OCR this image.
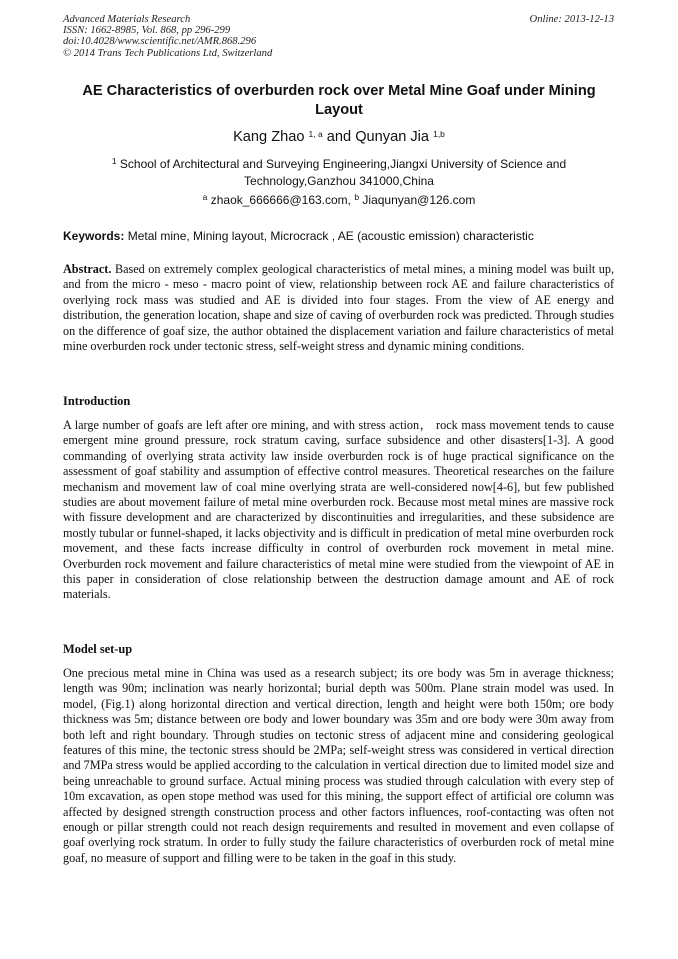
Advanced Materials Research
ISSN: 1662-8985, Vol. 868, pp 296-299
doi:10.4028/www.scientific.net/AMR.868.296
© 2014 Trans Tech Publications Ltd, Switzerland
Online: 2013-12-13
AE Characteristics of overburden rock over Metal Mine Goaf under Mining Layout
Kang Zhao $^{1, a}$ and Qunyan Jia $^{1,b}$
$^1$ School of Architectural and Surveying Engineering,Jiangxi University of Science and Technology,Ganzhou 341000,China
$^a$ zhaok_666666@163.com, $^b$ Jiaqunyan@126.com
Keywords: Metal mine, Mining layout, Microcrack , AE (acoustic emission) characteristic
Abstract. Based on extremely complex geological characteristics of metal mines, a mining model was built up, and from the micro - meso - macro point of view, relationship between rock AE and failure characteristics of overlying rock mass was studied and AE is divided into four stages. From the view of AE energy and distribution, the generation location, shape and size of caving of overburden rock was predicted. Through studies on the difference of goaf size, the author obtained the displacement variation and failure characteristics of metal mine overburden rock under tectonic stress, self-weight stress and dynamic mining conditions.
Introduction
A large number of goafs are left after ore mining, and with stress action， rock mass movement tends to cause emergent mine ground pressure, rock stratum caving, surface subsidence and other disasters[1-3]. A good commanding of overlying strata activity law inside overburden rock is of huge practical significance on the assessment of goaf stability and assumption of effective control measures. Theoretical researches on the failure mechanism and movement law of coal mine overlying strata are well-considered now[4-6], but few published studies are about movement failure of metal mine overburden rock. Because most metal mines are massive rock with fissure development and are characterized by discontinuities and irregularities, and these subsidence are mostly tubular or funnel-shaped, it lacks objectivity and is difficult in predication of metal mine overburden rock movement, and these facts increase difficulty in control of overburden rock movement in metal mine. Overburden rock movement and failure characteristics of metal mine were studied from the viewpoint of AE in this paper in consideration of close relationship between the destruction damage amount and AE of rock materials.
Model set-up
One precious metal mine in China was used as a research subject; its ore body was 5m in average thickness; length was 90m; inclination was nearly horizontal; burial depth was 500m. Plane strain model was used. In model, (Fig.1) along horizontal direction and vertical direction, length and height were both 150m; ore body thickness was 5m; distance between ore body and lower boundary was 35m and ore body were 30m away from both left and right boundary. Through studies on tectonic stress of adjacent mine and considering geological features of this mine, the tectonic stress should be 2MPa; self-weight stress was considered in vertical direction and 7MPa stress would be applied according to the calculation in vertical direction due to limited model size and being unreachable to ground surface. Actual mining process was studied through calculation with every step of 10m excavation, as open stope method was used for this mining, the support effect of artificial ore column was affected by designed strength construction process and other factors influences, roof-contacting was often not enough or pillar strength could not reach design requirements and resulted in movement and even collapse of goaf overlying rock stratum. In order to fully study the failure characteristics of overburden rock of metal mine goaf, no measure of support and filling were to be taken in the goaf in this study.
